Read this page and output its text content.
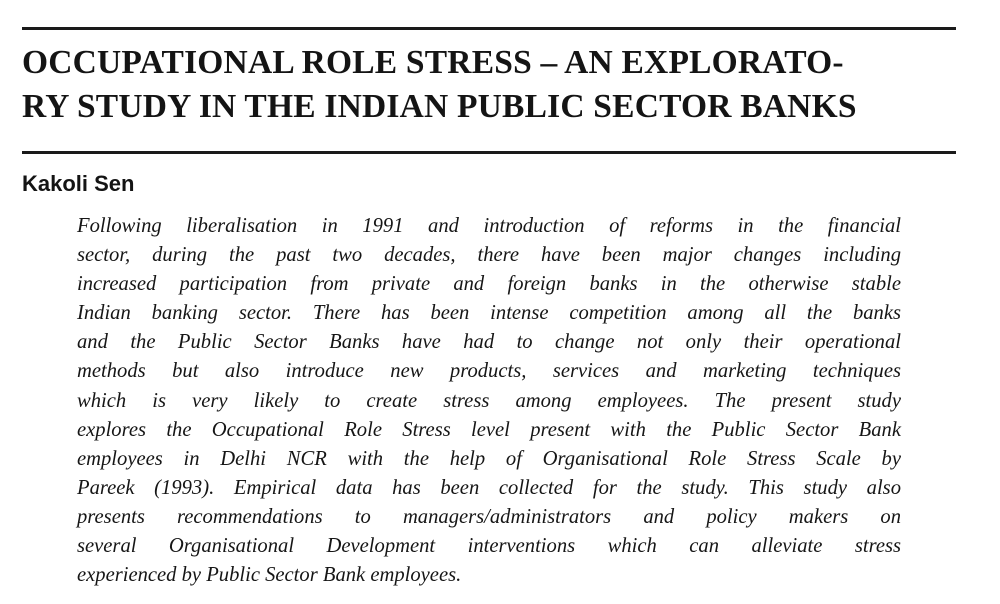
OCCUPATIONAL ROLE STRESS – AN EXPLORATO-
RY STUDY IN THE INDIAN PUBLIC SECTOR BANKS
Kakoli Sen

Following liberalisation in 1991 and introduction of reforms in the financial
sector, during the past two decades, there have been major changes including
increased participation from private and foreign banks in the otherwise stable
Indian banking sector. There has been intense competition among all the banks
and the Public Sector Banks have had to change not only their operational
methods but also introduce new products, services and marketing techniques
which is very likely to create stress among employees. The present study
explores the Occupational Role Stress level present with the Public Sector Bank
employees in Delhi NCR with the help of Organisational Role Stress Scale by
Pareek (1993). Empirical data has been collected for the study. This study also
presents recommendations to managers/administrators and policy makers on
several Organisational Development interventions which can alleviate stress
experienced by Public Sector Bank employees.
